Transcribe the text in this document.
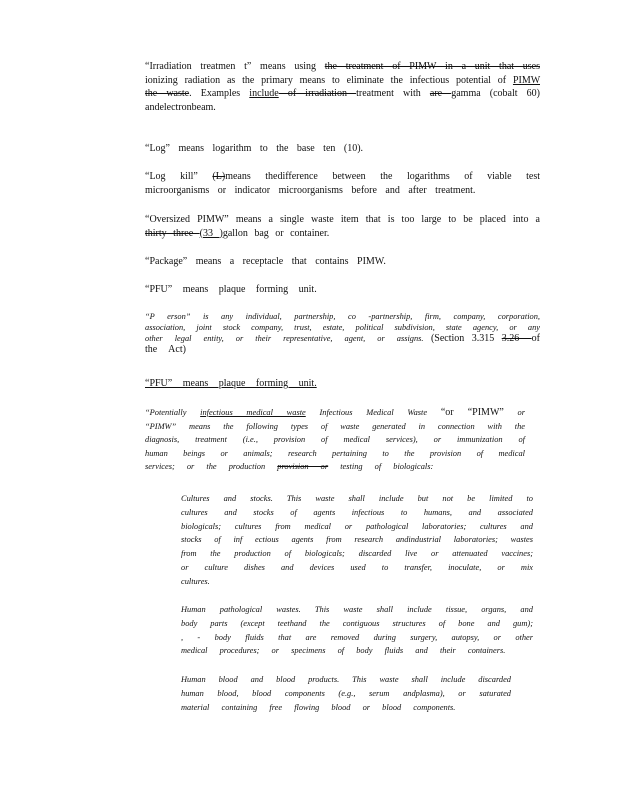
“Irradiation treatmen t” means using the treatment of PIMW in a unit that uses ionizing radiation as the primary means to eliminate the infectious potential of PIMW the waste. Examples include of irradiation treatment with are gamma (cobalt 60) andelectronbeam.

“Log” means logarithm to the base ten (10).

“Log kill” (L)means thedifference between the logarithms of viable test microorganisms or indicator microorganisms before and after treatment.

“Oversized PIMW” means a single waste item that is too large to be placed into a thirty three (33 )gallon bag or container.

“Package” means a receptacle that contains PIMW.

“PFU” means plaque forming unit.

“P erson” is any individual, partnership, co -partnership, firm, company, corporation, association, joint stock company, trust, estate, political subdivision, state agency, or any other legal entity, or their representative, agent, or assigns. (Section 3.315 3.26 of the Act)

“PFU” means plaque forming unit.

“Potentially infectious medical waste Infectious Medical Waste “or “PIMW” or “PIMW” means the following types of waste generated in connection with the diagnosis, treatment (i.e., provision of medical services), or immunization of human beings or animals; research pertaining to the provision of medical services; or the production provision or testing of biologicals:

Cultures and stocks. This waste shall include but not be limited to cultures and stocks of agents infectious to humans, and associated biologicals; cultures from medical or pathological laboratories; cultures and stocks of inf ectious agents from research andindustrial laboratories; wastes from the production of biologicals; discarded live or attenuated vaccines; or culture dishes and devices used to transfer, inoculate, or mix cultures.

Human pathological wastes. This waste shall include tissue, organs, and body parts (except teethand the contiguous structures of bone and gum); , - body fluids that are removed during surgery, autopsy, or other medical procedures; or specimens of body fluids and their containers.

Human blood and blood products. This waste shall include discarded human blood, blood components (e.g., serum andplasma), or saturated material containing free flowing blood or blood components.
